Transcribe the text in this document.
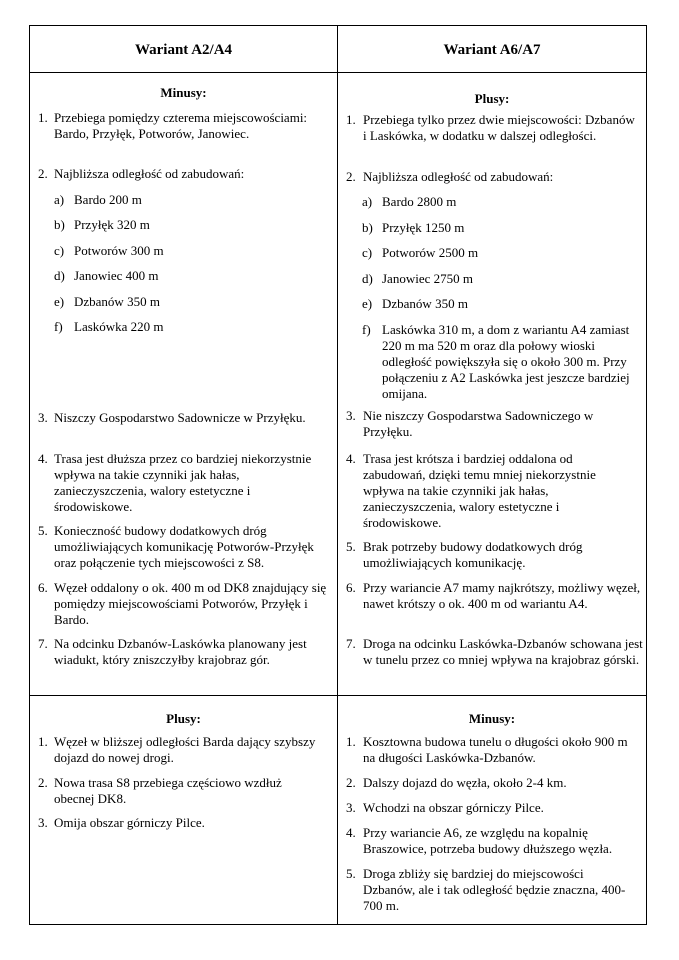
Wariant A2/A4	Wariant A6/A7
Minusy:
1. Przebiega pomiędzy czterema miejscowościami: Bardo, Przyłęk, Potworów, Janowiec.
2. Najbliższa odległość od zabudowań:
a) Bardo 200 m
b) Przyłęk 320 m
c) Potworów 300 m
d) Janowiec 400 m
e) Dzbanów 350 m
f) Laskówka 220 m
3. Niszczy Gospodarstwo Sadownicze w Przyłęku.
4. Trasa jest dłuższa przez co bardziej niekorzystnie wpływa na takie czynniki jak hałas, zanieczyszczenia, walory estetyczne i środowiskowe.
5. Konieczność budowy dodatkowych dróg umożliwiających komunikację Potworów-Przyłęk oraz połączenie tych miejscowości z S8.
6. Węzeł oddalony o ok. 400 m od DK8 znajdujący się pomiędzy miejscowościami Potworów, Przyłęk i Bardo.
7. Na odcinku Dzbanów-Laskówka planowany jest wiadukt, który zniszczyłby krajobraz gór.
Plusy:
1. Przebiega tylko przez dwie miejscowości: Dzbanów i Laskówka, w dodatku w dalszej odległości.
2. Najbliższa odległość od zabudowań:
a) Bardo 2800 m
b) Przyłęk 1250 m
c) Potworów 2500 m
d) Janowiec 2750 m
e) Dzbanów 350 m
f) Laskówka 310 m, a dom z wariantu A4 zamiast 220 m ma 520 m oraz dla połowy wioski odległość powiększyła się o około 300 m. Przy połączeniu z A2 Laskówka jest jeszcze bardziej omijana.
3. Nie niszczy Gospodarstwa Sadowniczego w Przyłęku.
4. Trasa jest krótsza i bardziej oddalona od zabudowań, dzięki temu mniej niekorzystnie wpływa na takie czynniki jak hałas, zanieczyszczenia, walory estetyczne i środowiskowe.
5. Brak potrzeby budowy dodatkowych dróg umożliwiających komunikację.
6. Przy wariancie A7 mamy najkrótszy, możliwy węzeł, nawet krótszy o ok. 400 m od wariantu A4.
7. Droga na odcinku Laskówka-Dzbanów schowana jest w tunelu przez co mniej wpływa na krajobraz górski.
Plusy:
1. Węzeł w bliższej odległości Barda dający szybszy dojazd do nowej drogi.
2. Nowa trasa S8 przebiega częściowo wzdłuż obecnej DK8.
3. Omija obszar górniczy Pilce.
Minusy:
1. Kosztowna budowa tunelu o długości około 900 m na długości Laskówka-Dzbanów.
2. Dalszy dojazd do węzła, około 2-4 km.
3. Wchodzi na obszar górniczy Pilce.
4. Przy wariancie A6, ze względu na kopalnię Braszowice, potrzeba budowy dłuższego węzła.
5. Droga zbliży się bardziej do miejscowości Dzbanów, ale i tak odległość będzie znaczna, 400-700 m.
